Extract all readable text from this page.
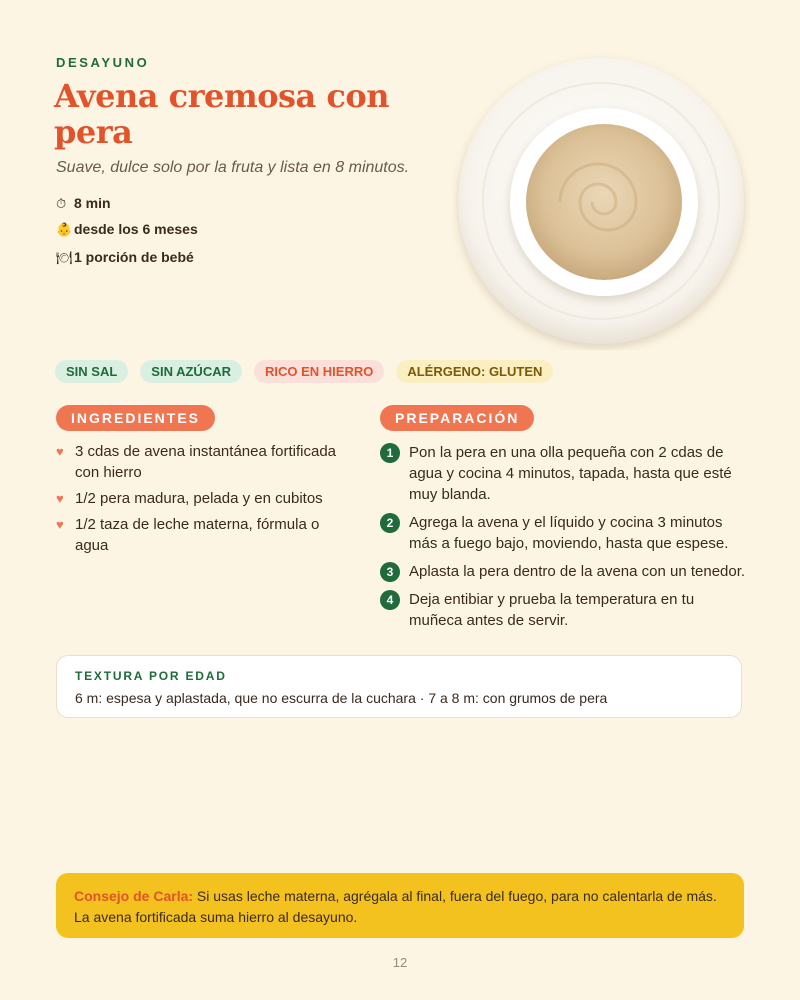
DESAYUNO
Avena cremosa con pera
Suave, dulce solo por la fruta y lista en 8 minutos.
⏱ 8 min
👶 desde los 6 meses
🍽1 porción de bebé
SIN SAL	SIN AZÚCAR	RICO EN HIERRO	ALÉRGENO: GLUTEN
INGREDIENTES
♥ 3 cdas de avena instantánea fortificada con hierro
♥ 1/2 pera madura, pelada y en cubitos
♥ 1/2 taza de leche materna, fórmula o agua
PREPARACIÓN
1	Pon la pera en una olla pequeña con 2 cdas de agua y cocina 4 minutos, tapada, hasta que esté muy blanda.
2	Agrega la avena y el líquido y cocina 3 minutos más a fuego bajo, moviendo, hasta que espese.
3	Aplasta la pera dentro de la avena con un tenedor.
4	Deja entibiar y prueba la temperatura en tu muñeca antes de servir.
TEXTURA POR EDAD
6 m: espesa y aplastada, que no escurra de la cuchara · 7 a 8 m: con grumos de pera
Consejo de Carla: Si usas leche materna, agrégala al final, fuera del fuego, para no calentarla de más. La avena fortificada suma hierro al desayuno.
12
